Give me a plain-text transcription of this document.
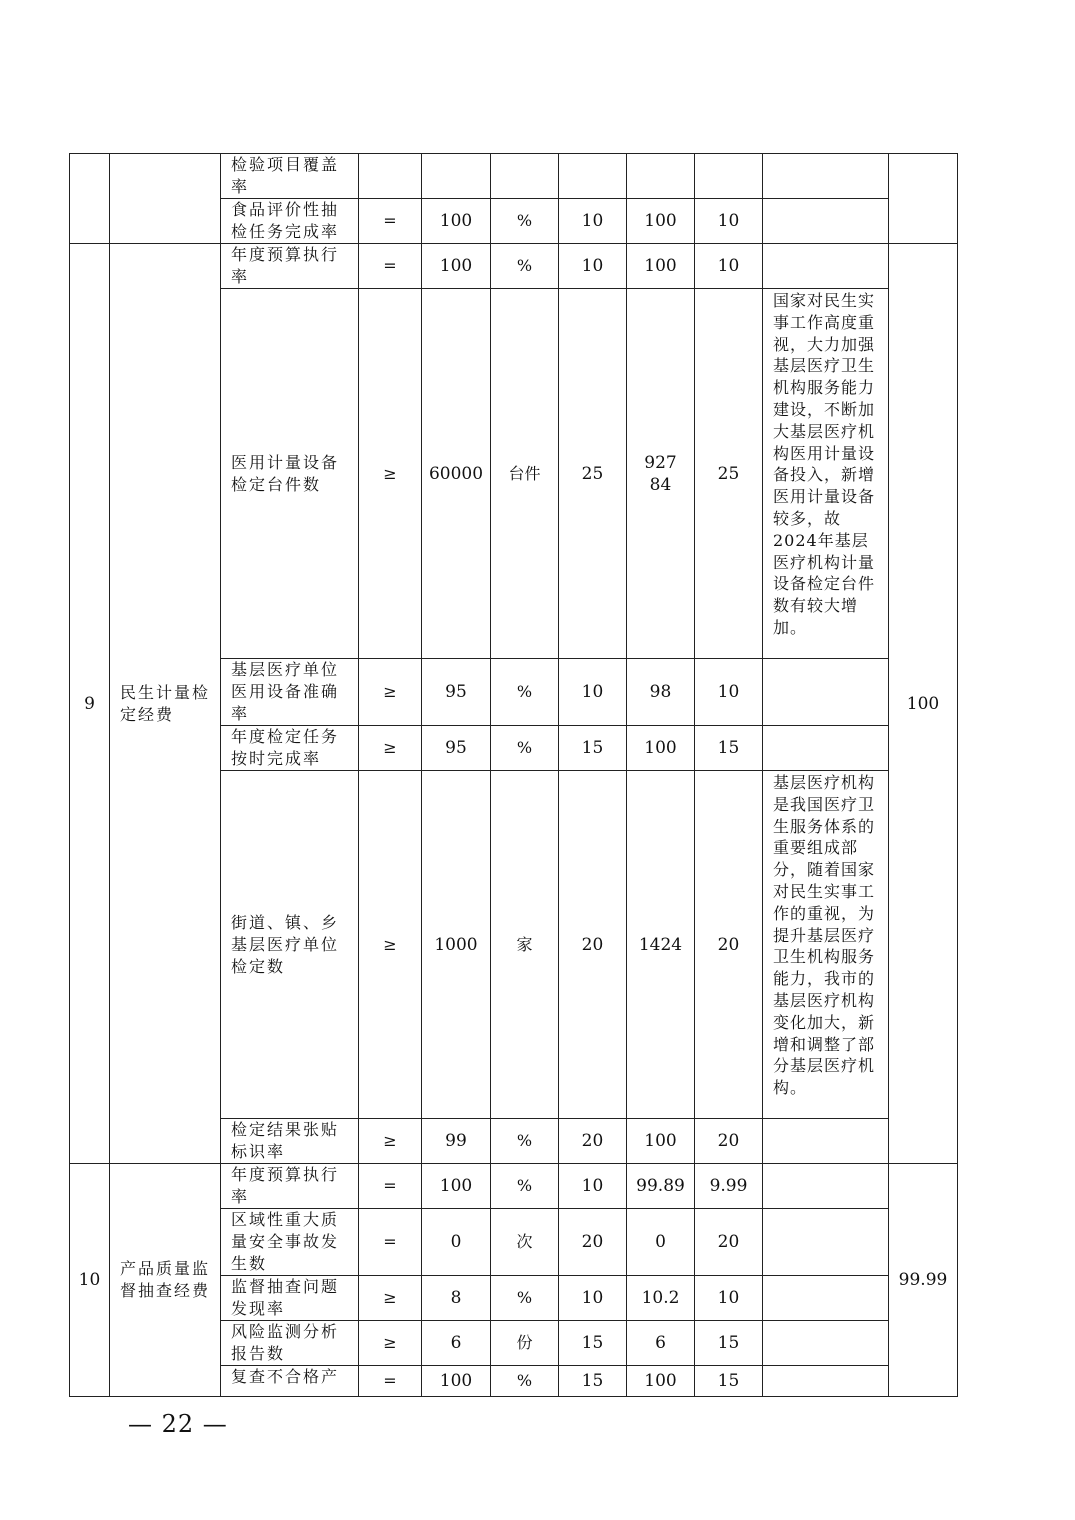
		检验项目覆盖率								
		食品评价性抽检任务完成率	=	100	%	10	100	10		
9	民生计量检定经费	年度预算执行率	=	100	%	10	100	10		100
		医用计量设备检定台件数	≥	60000	台件	25	92784	25	国家对民生实事工作高度重视，大力加强基层医疗卫生机构服务能力建设，不断加大基层医疗机构医用计量设备投入，新增医用计量设备较多，故2024年基层医疗机构计量设备检定台件数有较大增加。	
		基层医疗单位医用设备准确率	≥	95	%	10	98	10		
		年度检定任务按时完成率	≥	95	%	15	100	15		
		街道、镇、乡基层医疗单位检定数	≥	1000	家	20	1424	20	基层医疗机构是我国医疗卫生服务体系的重要组成部分，随着国家对民生实事工作的重视，为提升基层医疗卫生机构服务能力，我市的基层医疗机构变化加大，新增和调整了部分基层医疗机构。	
		检定结果张贴标识率	≥	99	%	20	100	20		
10	产品质量监督抽查经费	年度预算执行率	=	100	%	10	99.89	9.99		99.99
		区域性重大质量安全事故发生数	=	0	次	20	0	20		
		监督抽查问题发现率	≥	8	%	10	10.2	10		
		风险监测分析报告数	≥	6	份	15	6	15		
		复查不合格产	=	100	%	15	100	15		
— 22 —
